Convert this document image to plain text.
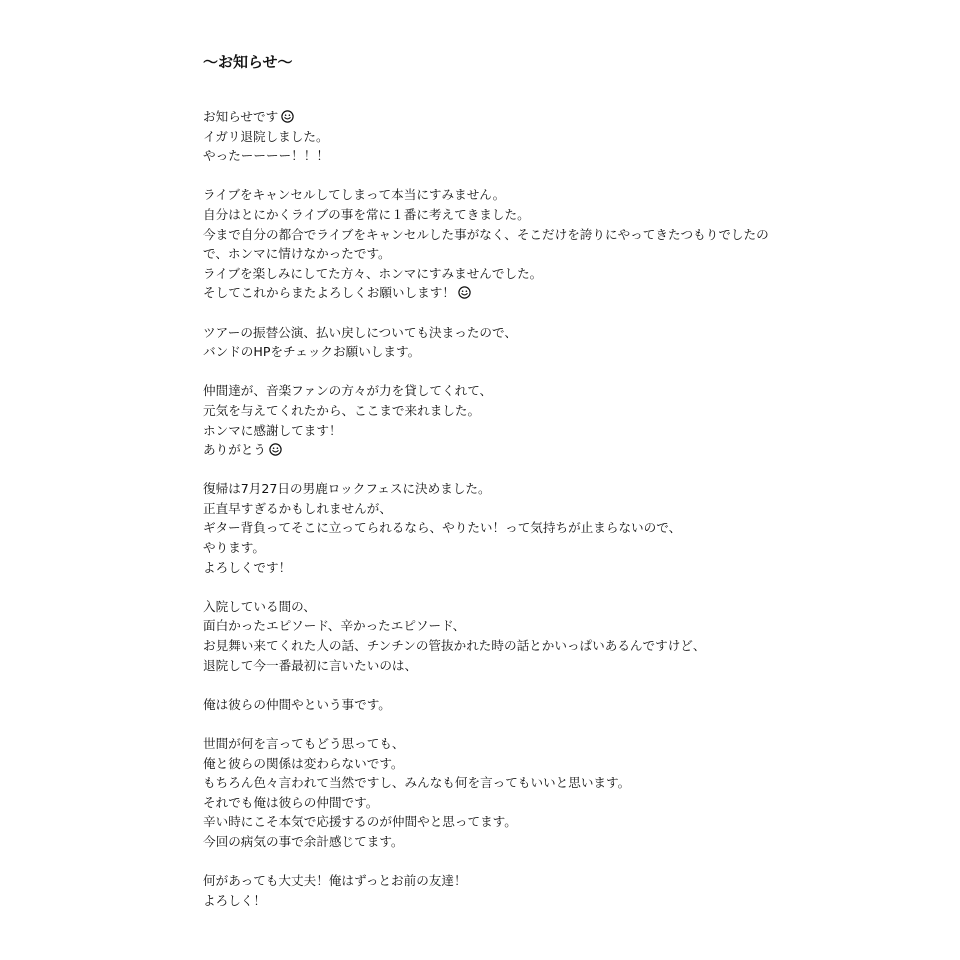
〜お知らせ〜
お知らせです
イガリ退院しました。
やったーーーー！！！
ライブをキャンセルしてしまって本当にすみません。
自分はとにかくライブの事を常に１番に考えてきました。
今まで自分の都合でライブをキャンセルした事がなく、そこだけを誇りにやってきたつもりでしたの
で、ホンマに情けなかったです。
ライブを楽しみにしてた方々、ホンマにすみませんでした。
そしてこれからまたよろしくお願いします！
ツアーの振替公演、払い戻しについても決まったので、
バンドのHPをチェックお願いします。
仲間達が、音楽ファンの方々が力を貸してくれて、
元気を与えてくれたから、ここまで来れました。
ホンマに感謝してます！
ありがとう
復帰は7月27日の男鹿ロックフェスに決めました。
正直早すぎるかもしれませんが、
ギター背負ってそこに立ってられるなら、やりたい！って気持ちが止まらないので、
やります。
よろしくです！
入院している間の、
面白かったエピソード、辛かったエピソード、
お見舞い来てくれた人の話、チンチンの管抜かれた時の話とかいっぱいあるんですけど、
退院して今一番最初に言いたいのは、
俺は彼らの仲間やという事です。
世間が何を言ってもどう思っても、
俺と彼らの関係は変わらないです。
もちろん色々言われて当然ですし、みんなも何を言ってもいいと思います。
それでも俺は彼らの仲間です。
辛い時にこそ本気で応援するのが仲間やと思ってます。
今回の病気の事で余計感じてます。
何があっても大丈夫！俺はずっとお前の友達！
よろしく！
